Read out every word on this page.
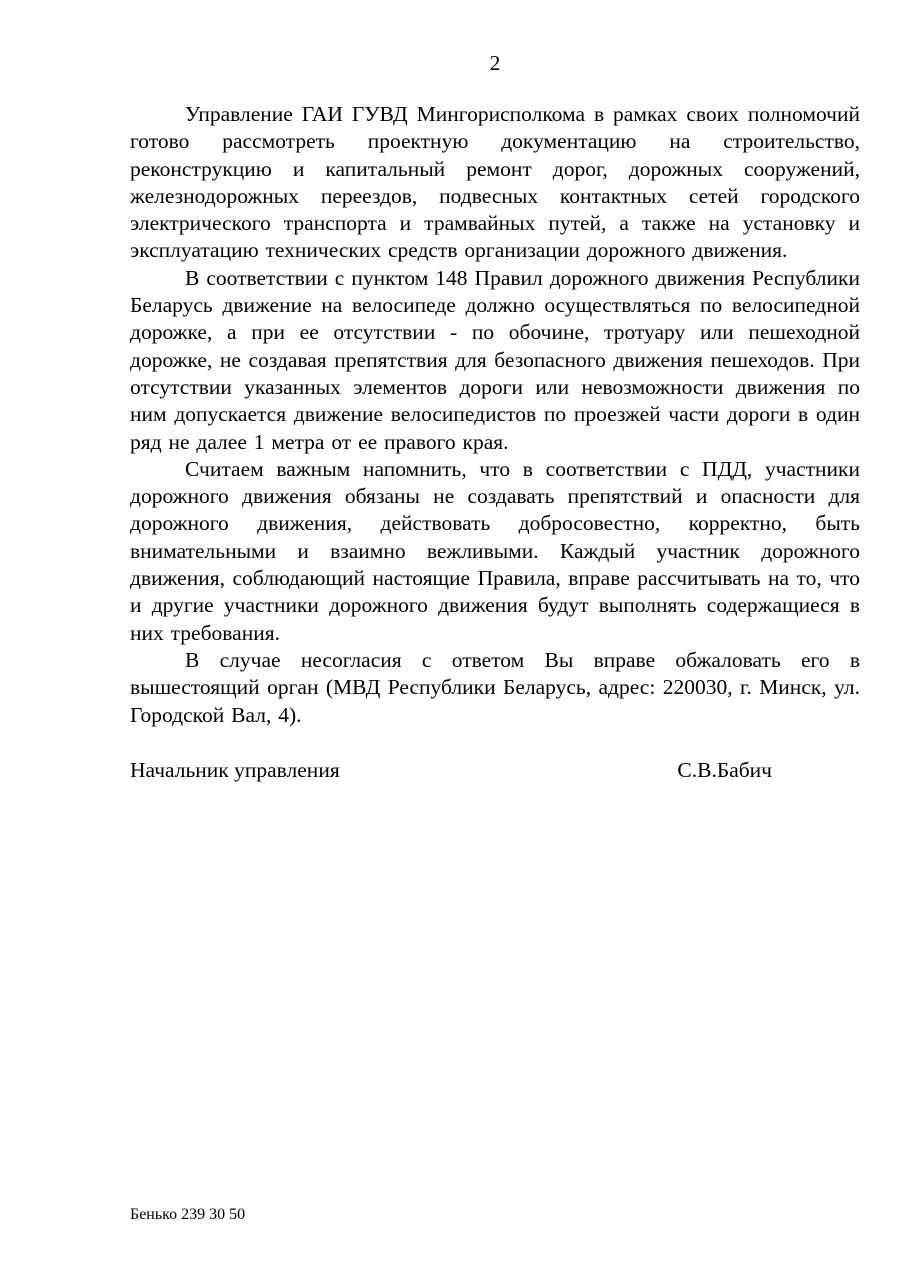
2

Управление ГАИ ГУВД Мингорисполкома в рамках своих полномочий готово рассмотреть проектную документацию на строительство, реконструкцию и капитальный ремонт дорог, дорожных сооружений, железнодорожных переездов, подвесных контактных сетей городского электрического транспорта и трамвайных путей, а также на установку и эксплуатацию технических средств организации дорожного движения.

В соответствии с пунктом 148 Правил дорожного движения Республики Беларусь движение на велосипеде должно осуществляться по велосипедной дорожке, а при ее отсутствии - по обочине, тротуару или пешеходной дорожке, не создавая препятствия для безопасного движения пешеходов. При отсутствии указанных элементов дороги или невозможности движения по ним допускается движение велосипедистов по проезжей части дороги в один ряд не далее 1 метра от ее правого края.

Считаем важным напомнить, что в соответствии с ПДД, участники дорожного движения обязаны не создавать препятствий и опасности для дорожного движения, действовать добросовестно, корректно, быть внимательными и взаимно вежливыми. Каждый участник дорожного движения, соблюдающий настоящие Правила, вправе рассчитывать на то, что и другие участники дорожного движения будут выполнять содержащиеся в них требования.

В случае несогласия с ответом Вы вправе обжаловать его в вышестоящий орган (МВД Республики Беларусь, адрес: 220030, г. Минск, ул. Городской Вал, 4).

Начальник управления	С.В.Бабич
Бенько 239 30 50
